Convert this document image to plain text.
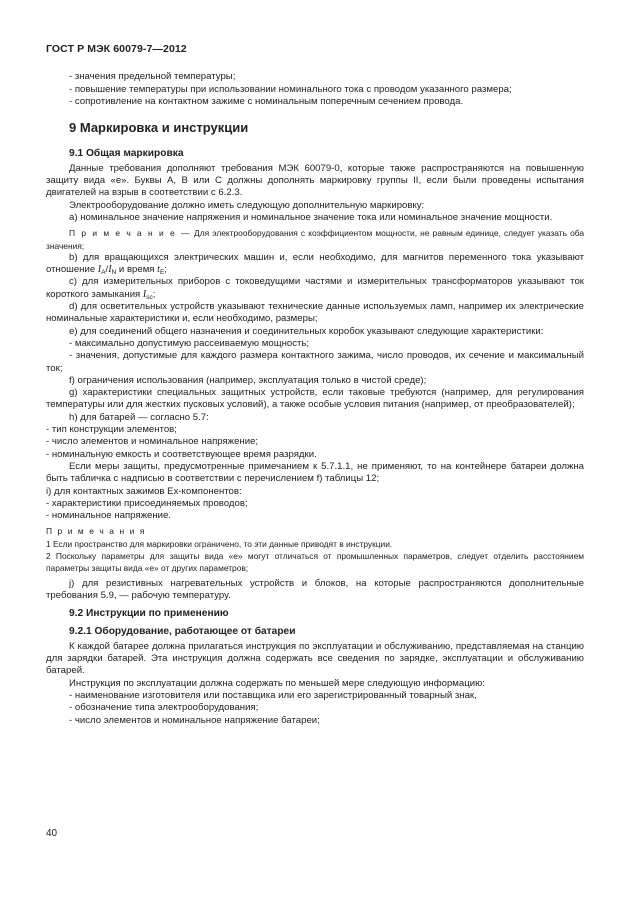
ГОСТ Р МЭК 60079-7—2012

- значения предельной температуры;

- повышение температуры при использовании номинального тока с проводом указанного размера;

- сопротивление на контактном зажиме с номинальным поперечным сечением провода.

9 Маркировка и инструкции
9.1 Общая маркировка

Данные требования дополняют требования МЭК 60079-0, которые также распространяются на повышенную защиту вида «е». Буквы А, В или С должны дополнять маркировку группы II, если были проведены испытания двигателей на взрыв в соответствии с 6.2.3.

Электрооборудование должно иметь следующую дополнительную маркировку:

а) номинальное значение напряжения и номинальное значение тока или номинальное значение мощности.

П р и м е ч а н и е — Для электрооборудования с коэффициентом мощности, не равным единице, следует указать оба значения;

b) для вращающихся электрических машин и, если необходимо, для магнитов переменного тока указывают отношение $I_A/I_N$ и время $t_E$;

с) для измерительных приборов с токоведущими частями и измерительных трансформаторов указывают ток короткого замыкания $I_{sc}$;

d) для осветительных устройств указывают технические данные используемых ламп, например их электрические номинальные характеристики и, если необходимо, размеры;

е) для соединений общего назначения и соединительных коробок указывают следующие характеристики:

- максимально допустимую рассеиваемую мощность;

- значения, допустимые для каждого размера контактного зажима, число проводов, их сечение и максимальный ток;

f) ограничения использования (например, эксплуатация только в чистой среде);

g) характеристики специальных защитных устройств, если таковые требуются (например, для регулирования температуры или для жестких пусковых условий), а также особые условия питания (например, от преобразователей);

h) для батарей — согласно 5.7:

- тип конструкции элементов;

- число элементов и номинальное напряжение;

- номинальную емкость и соответствующее время разрядки.

Если меры защиты, предусмотренные примечанием к 5.7.1.1, не применяют, то на контейнере батареи должна быть табличка с надписью в соответствии с перечислением f) таблицы 12;

i) для контактных зажимов Ex-компонентов:

- характеристики присоединяемых проводов;

- номинальное напряжение.

П р и м е ч а н и я

1 Если пространство для маркировки ограничено, то эти данные приводят в инструкции.

2 Поскольку параметры для защиты вида «е» могут отличаться от промышленных параметров, следует отделить расстоянием параметры защиты вида «е» от других параметров;

j) для резистивных нагревательных устройств и блоков, на которые распространяются дополнительные требования 5.9, — рабочую температуру.

9.2 Инструкции по применению
9.2.1 Оборудование, работающее от батареи

К каждой батарее должна прилагаться инструкция по эксплуатации и обслуживанию, представляемая на станцию для зарядки батарей. Эта инструкция должна содержать все сведения по зарядке, эксплуатации и обслуживанию батарей.

Инструкция по эксплуатации должна содержать по меньшей мере следующую информацию:

- наименование изготовителя или поставщика или его зарегистрированный товарный знак,

- обозначение типа электрооборудования;

- число элементов и номинальное напряжение батареи;

40
